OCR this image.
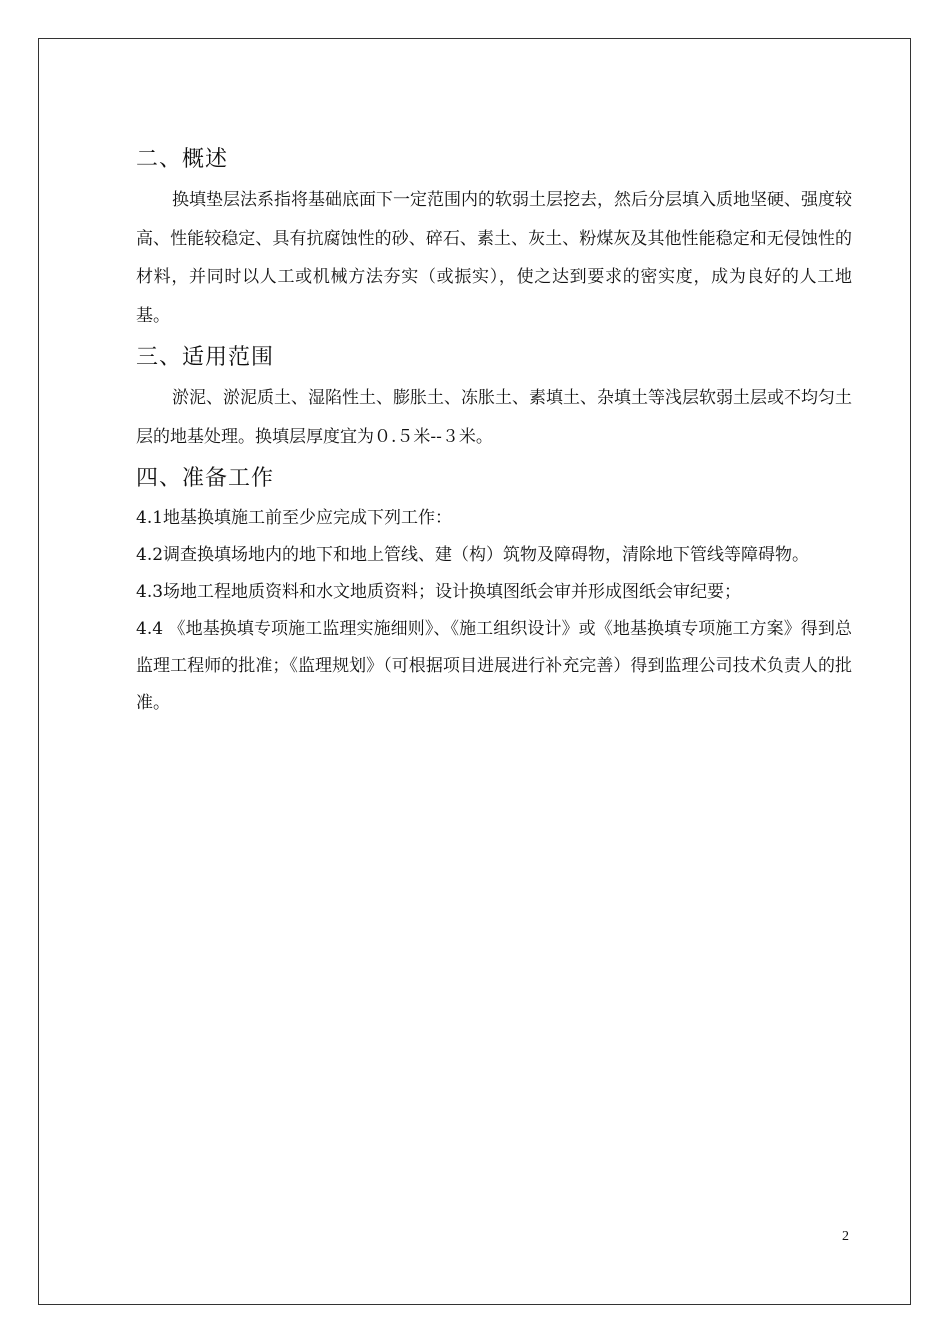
二、概述

换填垫层法系指将基础底面下一定范围内的软弱土层挖去，然后分层填入质地坚硬、强度较高、性能较稳定、具有抗腐蚀性的砂、碎石、素土、灰土、粉煤灰及其他性能稳定和无侵蚀性的材料，并同时以人工或机械方法夯实（或振实），使之达到要求的密实度，成为良好的人工地基。

三、适用范围

淤泥、淤泥质土、湿陷性土、膨胀土、冻胀土、素填土、杂填土等浅层软弱土层或不均匀土层的地基处理。换填层厚度宜为０.５米--３米。

四、准备工作

4.1地基换填施工前至少应完成下列工作：

4.2调查换填场地内的地下和地上管线、建（构）筑物及障碍物，清除地下管线等障碍物。

4.3场地工程地质资料和水文地质资料；设计换填图纸会审并形成图纸会审纪要；

4.4 《地基换填专项施工监理实施细则》、《施工组织设计》或《地基换填专项施工方案》得到总监理工程师的批准；《监理规划》（可根据项目进展进行补充完善）得到监理公司技术负责人的批准。

2
